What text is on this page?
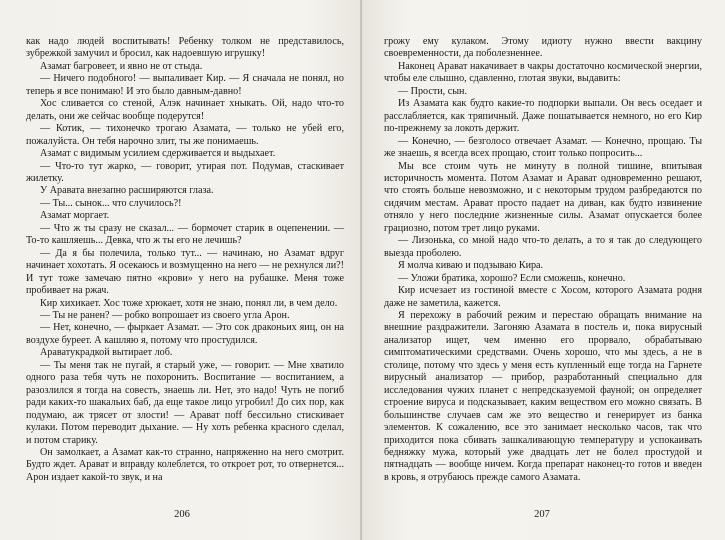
как надо людей воспитывать! Ребенку толком не представилось, зубрежкой замучил и бросил, как надоевшую игрушку!

Азамат багровеет, и явно не от стыда.

— Ничего подобного! — выпаливает Кир. — Я сначала не понял, но теперь я все понимаю! И это было давным-давно!

Хос сливается со стеной, Алэк начинает хныкать. Ой, надо что-то делать, они же сейчас вообще подерутся!

— Котик, — тихонечко трогаю Азамата, — только не убей его, пожалуйста. Он тебя нарочно злит, ты же понимаешь.

Азамат с видимым усилием сдерживается и выдыхает.

— Что-то тут жарко, — говорит, утирая пот. Подумав, стаскивает жилетку.

У Аравата внезапно расширяются глаза.

— Ты... сынок... что случилось?!

Азамат моргает.

— Что ж ты сразу не сказал... — бормочет старик в оцепенении. — То-то кашляешь... Девка, что ж ты его не лечишь?

— Да я бы полечила, только тут... — начинаю, но Азамат вдруг начинает хохотать. Я осекаюсь и возмущенно на него — не рехнулся ли?! И тут тоже замечаю пятно «крови» у него на рубашке. Меня тоже пробивает на ржач.

Кир хихикает. Хос тоже хрюкает, хотя не знаю, понял ли, в чем дело.

— Ты не ранен? — робко вопрошает из своего угла Арон.

— Нет, конечно, — фыркает Азамат. — Это сок драконьих яиц, он на воздухе буреет. А кашляю я, потому что простудился.

Араватукрадкой вытирает лоб.

— Ты меня так не пугай, я старый уже, — говорит. — Мне хватило одного раза тебя чуть не похоронить. Воспитание — воспитанием, а разозлился я тогда на совесть, знаешь ли. Нет, это надо! Чуть не погиб ради каких-то шакальих баб, да еще такое лицо угробил! До сих пор, как подумаю, аж трясет от злости! — Арават пoff бессильно стискивает кулаки. Потом переводит дыхание. — Ну хоть ребенка красного сделал, и потом старику.

Он замолкает, а Азамат как-то странно, напряженно на него смотрит. Будто ждет. Арават и вправду колеблется, то откроет рот, то отвернется... Арон издает какой-то звук, и на

206

грожу ему кулаком. Этому идиоту нужно ввести вакцину своевременности, да поболезненнее.

Наконец Арават накачивает в чакры достаточно космической энергии, чтобы еле слышно, сдавленно, глотая звуки, выдавить:

— Прости, сын.

Из Азамата как будто какие-то подпорки выпали. Он весь оседает и расслабляется, как тряпичный. Даже пошатывается немного, но его Кир по-прежнему за локоть держит.

— Конечно, — безголосо отвечает Азамат. — Конечно, прощаю. Ты же знаешь, я всегда всех прощаю, стоит только попросить...

Мы все стоим чуть не минуту в полной тишине, впитывая историчность момента. Потом Азамат и Арават одновременно решают, что стоять больше невозможно, и с некоторым трудом разбредаются по сидячим местам. Арават просто падает на диван, как будто извинение отняло у него последние жизненные силы. Азамат опускается более грациозно, потом трет лицо руками.

— Лизонька, со мной надо что-то делать, а то я так до следующего выезда проболею.

Я молча киваю и подзываю Кира.

— Уложи братика, хорошо? Если сможешь, конечно.

Кир исчезает из гостиной вместе с Хосом, которого Азамата родня даже не заметила, кажется.

Я перехожу в рабочий режим и перестаю обращать внимание на внешние раздражители. Загоняю Азамата в постель и, пока вирусный анализатор ищет, чем именно его прорвало, обрабатываю симптоматическими средствами. Очень хорошо, что мы здесь, а не в столице, потому что здесь у меня есть купленный еще тогда на Гарнете вирусный анализатор — прибор, разработанный специально для исследования чужих планет с непредсказуемой фауной; он определяет строение вируса и подсказывает, каким веществом его можно связать. В большинстве случаев сам же это вещество и генерирует из банка элементов. К сожалению, все это занимает несколько часов, так что приходится пока сбивать зашкаливающую температуру и успокаивать бедняжку мужа, который уже двадцать лет не болел простудой и пятнадцать — вообще ничем. Когда препарат наконец-то готов и введен в кровь, я отрубаюсь прежде самого Азамата.

207
